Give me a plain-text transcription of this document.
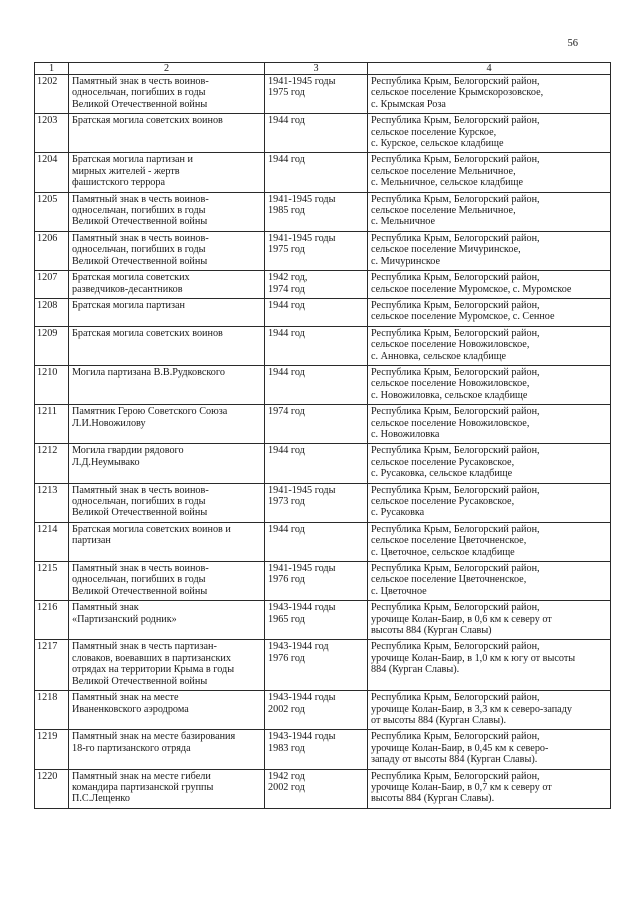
56
1	2	3	4
1202	Памятный знак в честь воинов-
односельчан, погибших в годы
Великой Отечественной войны	1941-1945 годы
1975 год	Республика Крым, Белогорский район,
сельское поселение Крымскорозовское,
с. Крымская Роза

1203	Братская могила советских воинов	1944 год	Республика Крым, Белогорский район,
сельское поселение Курское,
с. Курское, сельское кладбище

1204	Братская могила партизан и
мирных жителей - жертв
фашистского террора	1944 год	Республика Крым, Белогорский район,
сельское поселение Мельничное,
с. Мельничное, сельское кладбище

1205	Памятный знак в честь воинов-
односельчан, погибших в годы
Великой Отечественной войны	1941-1945 годы
1985 год	Республика Крым, Белогорский район,
сельское поселение Мельничное,
с. Мельничное

1206	Памятный знак в честь воинов-
односельчан, погибших в годы
Великой Отечественной войны	1941-1945 годы
1975 год	Республика Крым, Белогорский район,
сельское поселение Мичуринское,
с. Мичуринское

1207	Братская могила советских
разведчиков-десантников	1942 год,
1974 год	Республика Крым, Белогорский район,
сельское поселение Муромское, с. Муромское

1208	Братская могила партизан	1944 год	Республика Крым, Белогорский район,
сельское поселение Муромское, с. Сенное

1209	Братская могила советских воинов	1944 год	Республика Крым, Белогорский район,
сельское поселение Новожиловское,
с. Анновка, сельское кладбище

1210	Могила партизана В.В.Рудковского	1944 год	Республика Крым, Белогорский район,
сельское поселение Новожиловское,
с. Новожиловка, сельское кладбище

1211	Памятник Герою Советского Союза
Л.И.Новожилову	1974 год	Республика Крым, Белогорский район,
сельское поселение Новожиловское,
с. Новожиловка

1212	Могила гвардии рядового
Л.Д.Неумывако	1944 год	Республика Крым, Белогорский район,
сельское поселение Русаковское,
с. Русаковка, сельское кладбище

1213	Памятный знак в честь воинов-
односельчан, погибших в годы
Великой Отечественной войны	1941-1945 годы
1973 год	Республика Крым, Белогорский район,
сельское поселение Русаковское,
с. Русаковка

1214	Братская могила советских воинов и
партизан	1944 год	Республика Крым, Белогорский район,
сельское поселение Цветочненское,
с. Цветочное, сельское кладбище

1215	Памятный знак в честь воинов-
односельчан, погибших в годы
Великой Отечественной войны	1941-1945 годы
1976 год	Республика Крым, Белогорский район,
сельское поселение Цветочненское,
с. Цветочное

1216	Памятный знак
«Партизанский родник»	1943-1944 годы
1965 год	Республика Крым, Белогорский район,
урочище Колан-Баир, в 0,6 км к северу от
высоты 884 (Курган Славы)

1217	Памятный знак в честь партизан-
словаков, воевавших в партизанских
отрядах на территории Крыма в годы
Великой Отечественной войны	1943-1944 год
1976 год	Республика Крым, Белогорский район,
урочище Колан-Баир, в 1,0 км к югу от высоты
884 (Курган Славы).

1218	Памятный знак на месте
Иваненковского аэродрома	1943-1944 годы
2002 год	Республика Крым, Белогорский район,
урочище Колан-Баир, в 3,3 км к северо-западу
от высоты 884 (Курган Славы).

1219	Памятный знак на месте базирования
18-го партизанского отряда	1943-1944 годы
1983 год	Республика Крым, Белогорский район,
урочище Колан-Баир, в 0,45 км к северо-
западу от высоты 884 (Курган Славы).

1220	Памятный знак на месте гибели
командира партизанской группы
П.С.Лещенко	1942 год
2002 год	Республика Крым, Белогорский район,
урочище Колан-Баир, в 0,7 км к северу от
высоты 884 (Курган Славы).
